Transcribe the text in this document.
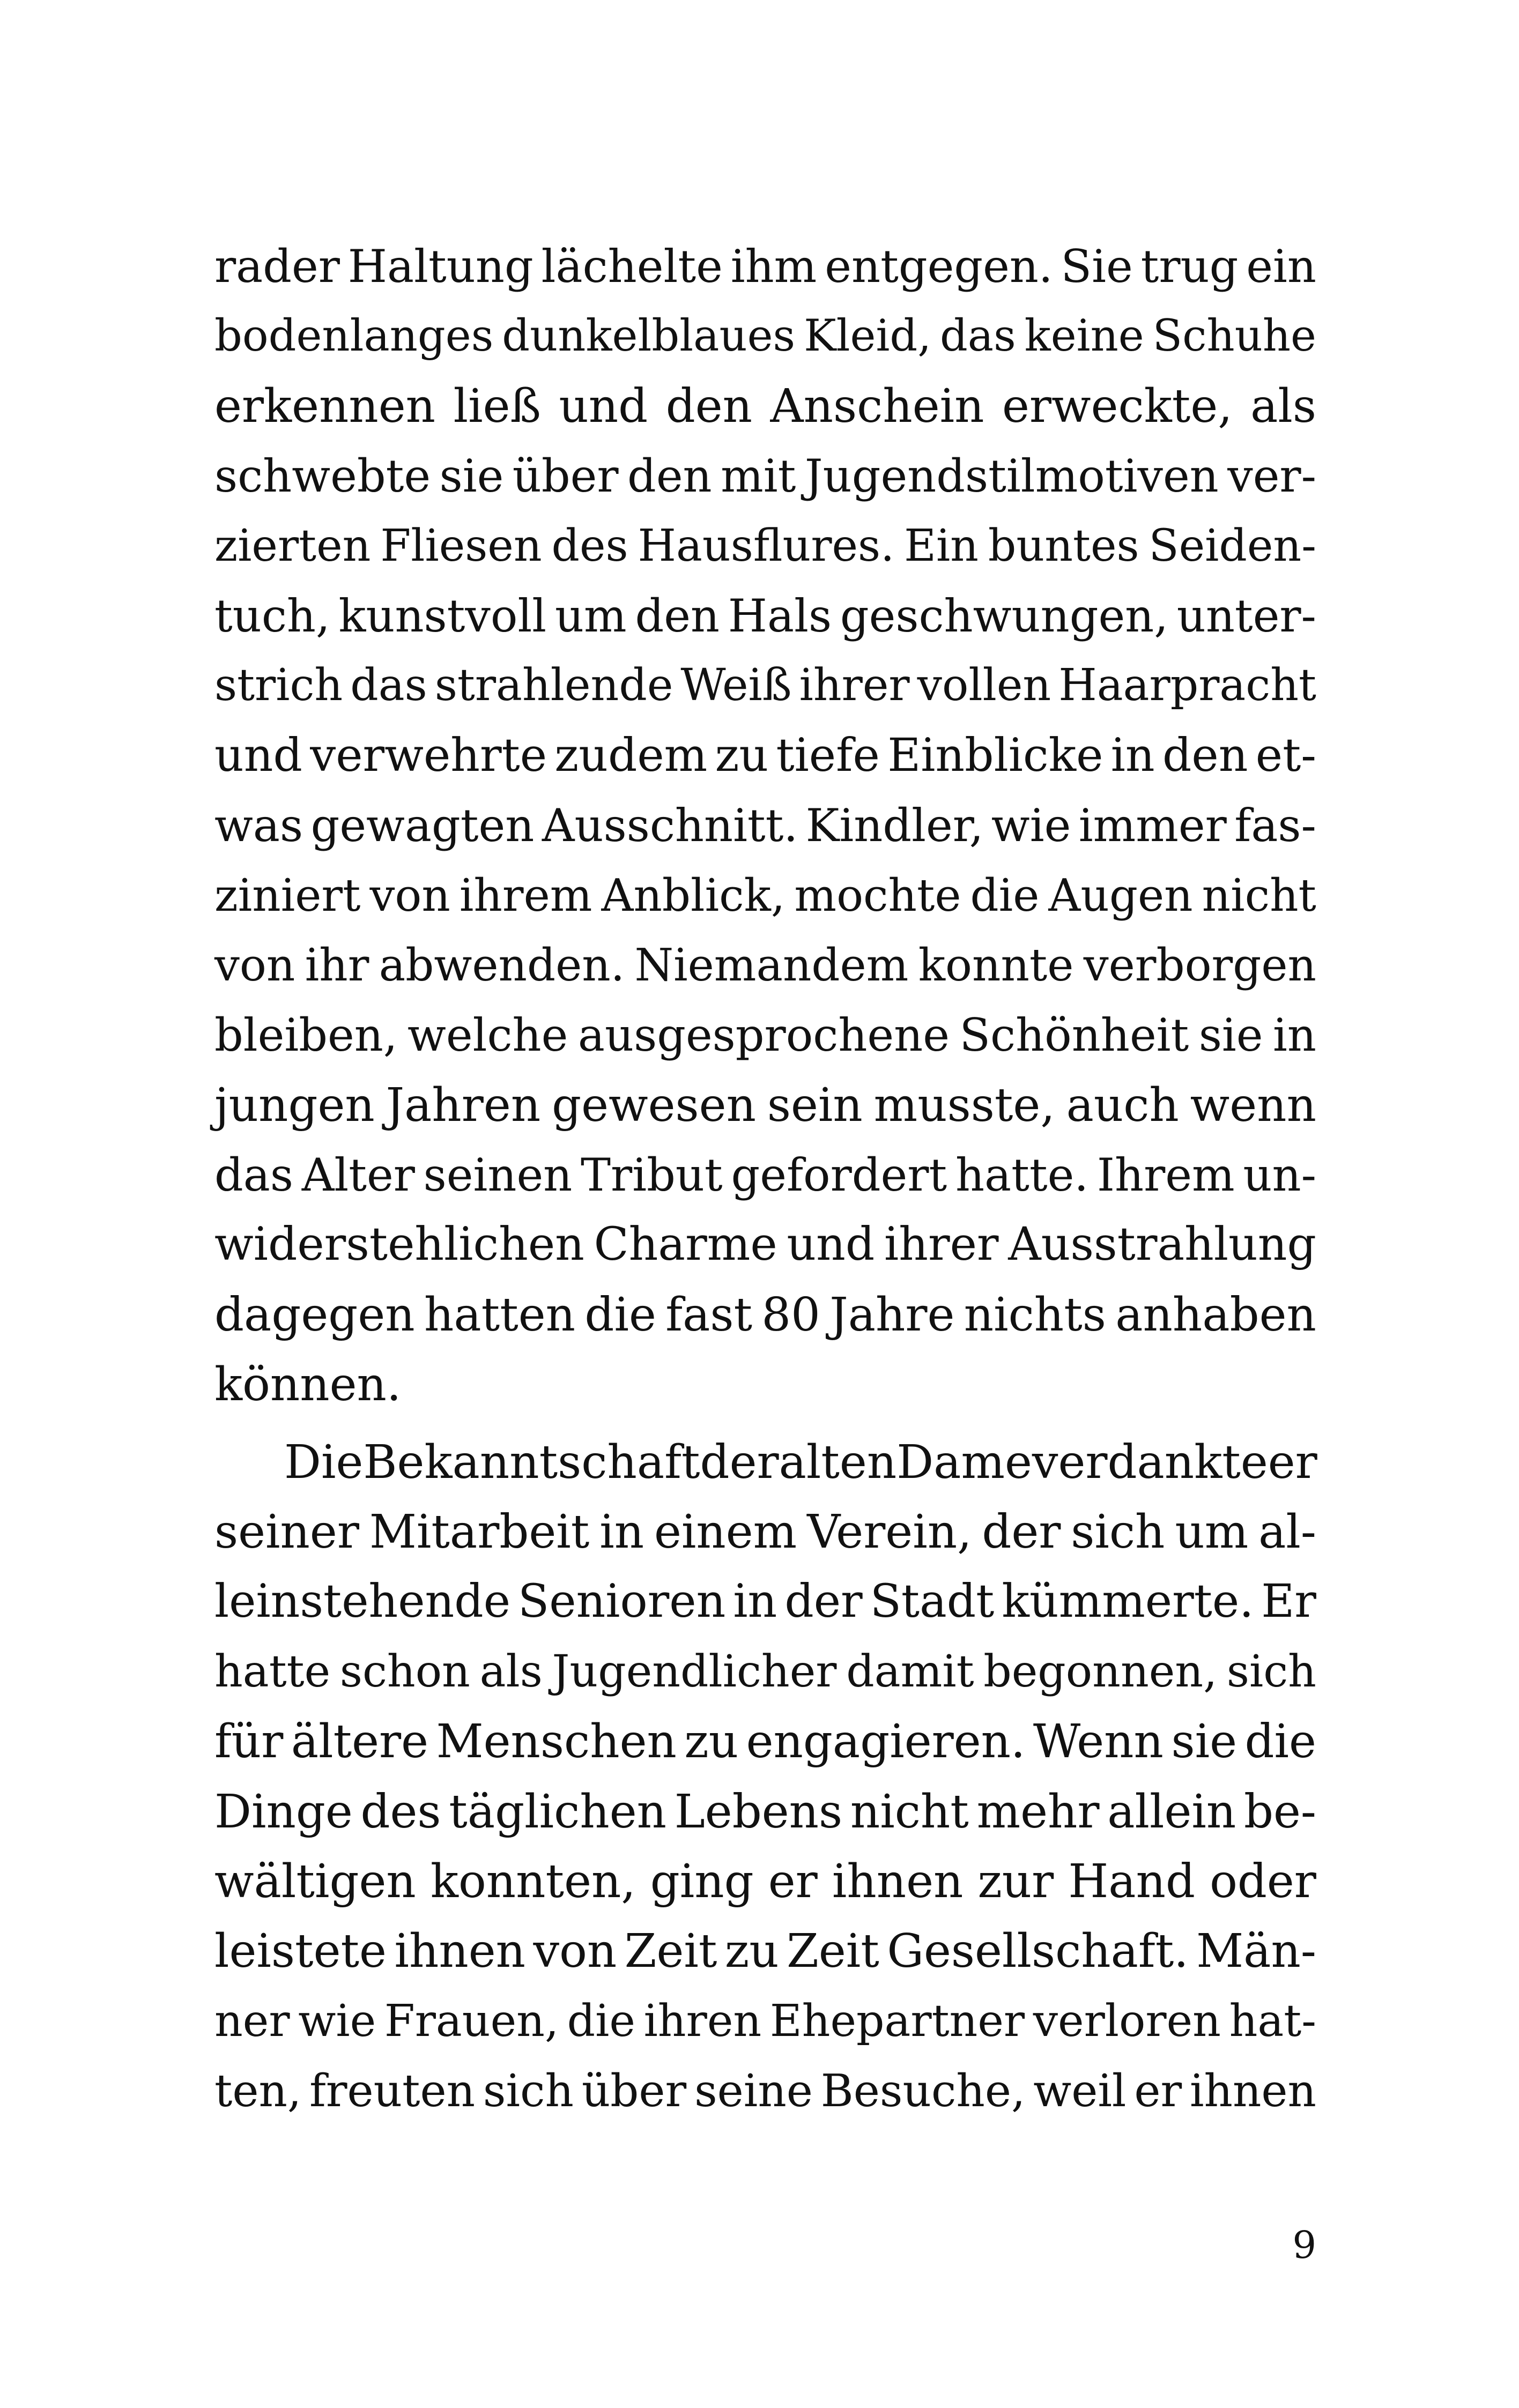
rader Haltung lächelte ihm entgegen. Sie trug ein
bodenlanges dunkelblaues Kleid, das keine Schuhe
erkennen ließ und den Anschein erweckte, als
schwebte sie über den mit Jugendstilmotiven ver-
zierten Fliesen des Hausflures. Ein buntes Seiden-
tuch, kunstvoll um den Hals geschwungen, unter-
strich das strahlende Weiß ihrer vollen Haarpracht
und verwehrte zudem zu tiefe Einblicke in den et-
was gewagten Ausschnitt. Kindler, wie immer fas-
ziniert von ihrem Anblick, mochte die Augen nicht
von ihr abwenden. Niemandem konnte verborgen
bleiben, welche ausgesprochene Schönheit sie in
jungen Jahren gewesen sein musste, auch wenn
das Alter seinen Tribut gefordert hatte. Ihrem un-
widerstehlichen Charme und ihrer Ausstrahlung
dagegen hatten die fast 80 Jahre nichts anhaben
können.
Die Bekanntschaft der alten Dame verdankte er
seiner Mitarbeit in einem Verein, der sich um al-
leinstehende Senioren in der Stadt kümmerte. Er
hatte schon als Jugendlicher damit begonnen, sich
für ältere Menschen zu engagieren. Wenn sie die
Dinge des täglichen Lebens nicht mehr allein be-
wältigen konnten, ging er ihnen zur Hand oder
leistete ihnen von Zeit zu Zeit Gesellschaft. Män-
ner wie Frauen, die ihren Ehepartner verloren hat-
ten, freuten sich über seine Besuche, weil er ihnen
9
